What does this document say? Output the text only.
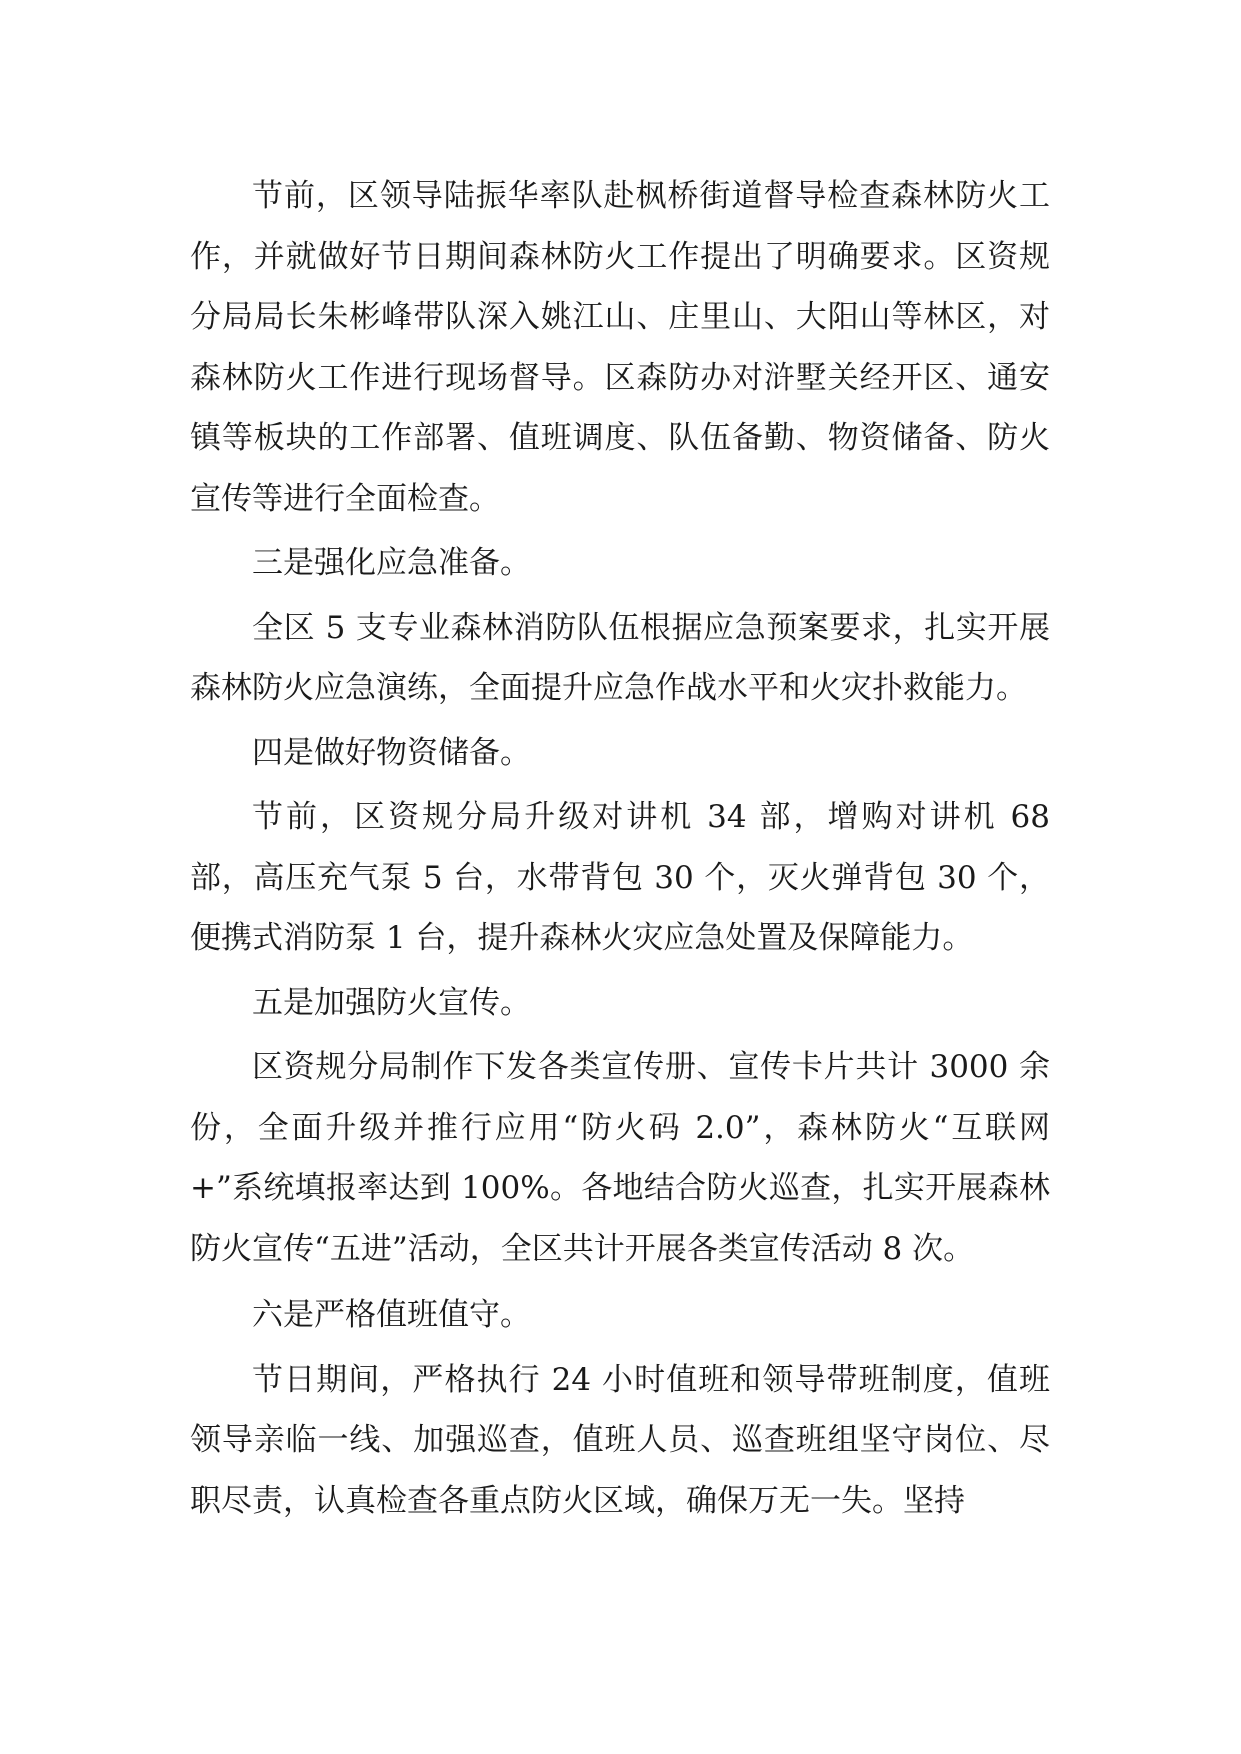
节前，区领导陆振华率队赴枫桥街道督导检查森林防火工作，并就做好节日期间森林防火工作提出了明确要求。区资规分局局长朱彬峰带队深入姚江山、庄里山、大阳山等林区，对森林防火工作进行现场督导。区森防办对浒墅关经开区、通安镇等板块的工作部署、值班调度、队伍备勤、物资储备、防火宣传等进行全面检查。

三是强化应急准备。

全区 5 支专业森林消防队伍根据应急预案要求，扎实开展森林防火应急演练，全面提升应急作战水平和火灾扑救能力。

四是做好物资储备。

节前，区资规分局升级对讲机 34 部，增购对讲机 68 部，高压充气泵 5 台，水带背包 30 个，灭火弹背包 30 个，便携式消防泵 1 台，提升森林火灾应急处置及保障能力。

五是加强防火宣传。

区资规分局制作下发各类宣传册、宣传卡片共计 3000 余份，全面升级并推行应用“防火码 2.0”，森林防火“互联网+”系统填报率达到 100%。各地结合防火巡查，扎实开展森林防火宣传“五进”活动，全区共计开展各类宣传活动 8 次。

六是严格值班值守。

节日期间，严格执行 24 小时值班和领导带班制度，值班领导亲临一线、加强巡查，值班人员、巡查班组坚守岗位、尽职尽责，认真检查各重点防火区域，确保万无一失。坚持
